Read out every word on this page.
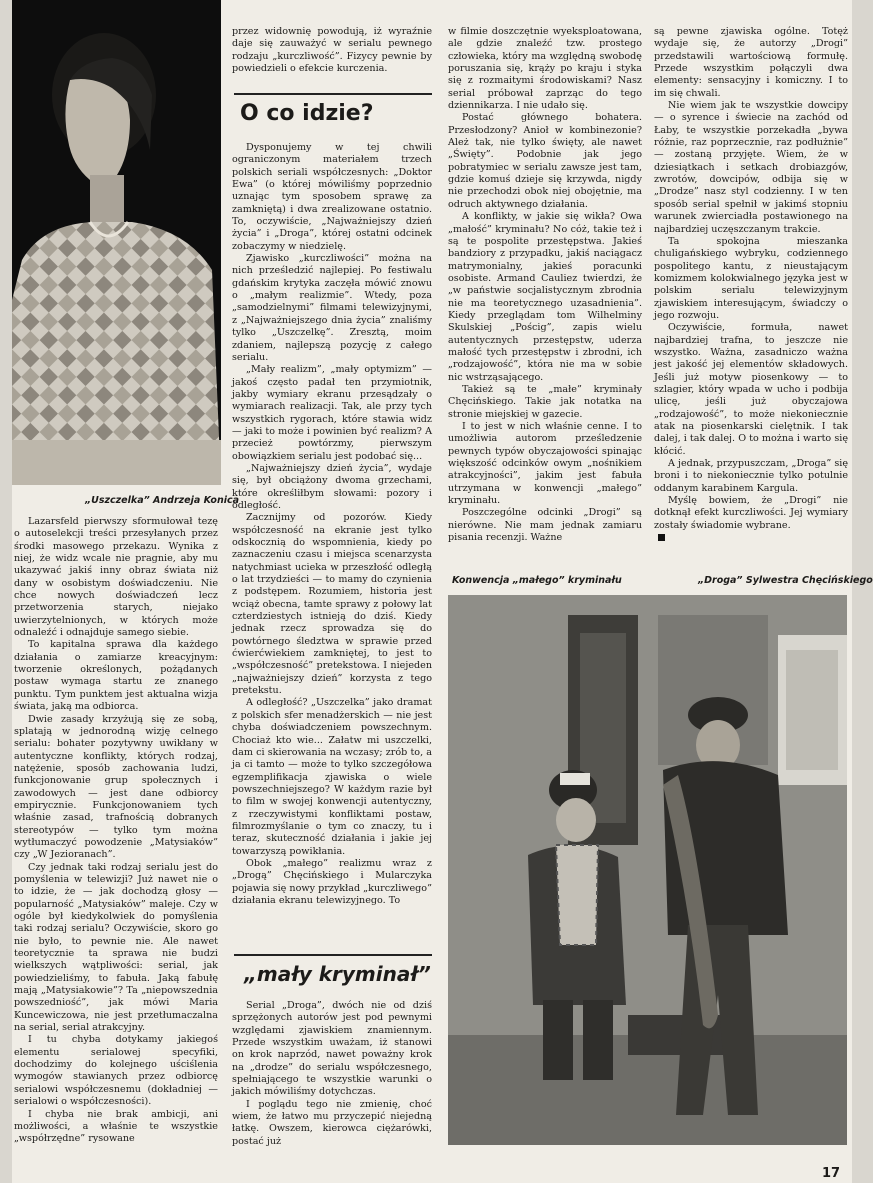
„Uszczelka” Andrzeja Konica

Lazarsfeld pierwszy sformułował tezę o autoselekcji treści przesyłanych przez środki masowego przekazu. Wynika z niej, że widz wcale nie pragnie, aby mu ukazywać jakiś inny obraz świata niż dany w osobistym doświadczeniu. Nie chce nowych doświadczeń lecz przetworzenia starych, niejako uwierzytelnionych, w których może odnaleźć i odnajduje samego siebie.

To kapitalna sprawa dla każdego działania o zamiarze kreacyjnym: tworzenie określonych, pożądanych postaw wymaga startu ze znanego punktu. Tym punktem jest aktualna wizja świata, jaką ma odbiorca.

Dwie zasady krzyżują się ze sobą, splatają w jednorodną wizję celnego serialu: bohater pozytywny uwikłany w autentyczne konflikty, których rodzaj, natężenie, sposób zachowania ludzi, funkcjonowanie grup społecznych i zawodowych — jest dane odbiorcy empirycznie. Funkcjonowaniem tych właśnie zasad, trafnością dobranych stereotypów — tylko tym można wytłumaczyć powodzenie „Matysiaków” czy „W Jezioranach”.

Czy jednak taki rodzaj serialu jest do pomyślenia w telewizji? Już nawet nie o to idzie, że — jak dochodzą głosy — popularność „Matysiaków” maleje. Czy w ogóle był kiedykolwiek do pomyślenia taki rodzaj serialu? Oczywiście, skoro go nie było, to pewnie nie. Ale nawet teoretycznie ta sprawa nie budzi wielkszych wątpliwości: serial, jak powiedzieliśmy, to fabuła. Jaką fabułę mają „Matysiakowie”? Ta „niepowszednia powszedniość”, jak mówi Maria Kuncewiczowa, nie jest przetłumaczalna na serial, serial atrakcyjny.

I tu chyba dotykamy jakiegoś elementu serialowej specyfiki, dochodzimy do kolejnego uściślenia wymogów stawianych przez odbiorcę serialowi współczesnemu (dokładniej — serialowi o współczesności).

I chyba nie brak ambicji, ani możliwości, a właśnie te wszystkie „współrzędne” rysowane

przez widownię powodują, iż wyraźnie daje się zauważyć w serialu pewnego rodzaju „kurczliwość”. Fizycy pewnie by powiedzieli o efekcie kurczenia.

O co idzie?

Dysponujemy w tej chwili ograniczonym materiałem trzech polskich seriali współczesnych: „Doktor Ewa” (o której mówiliśmy poprzednio uznając tym sposobem sprawę za zamkniętą) i dwa zrealizowane ostatnio. To, oczywiście, „Najważniejszy dzień życia” i „Droga”, której ostatni odcinek zobaczymy w niedzielę.

Zjawisko „kurczliwości” można na nich prześledzić najlepiej. Po festiwalu gdańskim krytyka zaczęła mówić znowu o „małym realizmie”. Wtedy, poza „samodzielnymi” filmami telewizyjnymi, z „Najważniejszego dnia życia” znaliśmy tylko „Uszczelkę”. Zresztą, moim zdaniem, najlepszą pozycję z całego serialu.

„Mały realizm”, „mały optymizm” — jakoś często padał ten przymiotnik, jakby wymiary ekranu przesądzały o wymiarach realizacji. Tak, ale przy tych wszystkich rygorach, które stawia widz — jaki to może i powinien być realizm? A przecież powtórzmy, pierwszym obowiązkiem serialu jest podobać się...

„Najważniejszy dzień życia”, wydaje się, był obciążony dwoma grzechami, które określiłbym słowami: pozory i odległość.

Zacznijmy od pozorów. Kiedy współczesność na ekranie jest tylko odskocznią do wspomnienia, kiedy po zaznaczeniu czasu i miejsca scenarzysta natychmiast ucieka w przeszłość odległą o lat trzydzieści — to mamy do czynienia z podstępem. Rozumiem, historia jest wciąż obecna, tamte sprawy z połowy lat czterdziestych istnieją do dziś. Kiedy jednak rzecz sprowadza się do powtórnego śledztwa w sprawie przed ćwierćwiekiem zamkniętej, to jest to „współczesność” pretekstowa. I niejeden „najważniejszy dzień” korzysta z tego pretekstu.

A odległość? „Uszczelka” jako dramat z polskich sfer menadżerskich — nie jest chyba doświadczeniem powszechnym. Chociaż kto wie... Załatw mi uszczelki, dam ci skierowania na wczasy; zrób to, a ja ci tamto — może to tylko szczegółowa egzemplifikacja zjawiska o wiele powszechniejszego? W każdym razie był to film w swojej konwencji autentyczny, z rzeczywistymi konfliktami postaw, filmrozmyślanie o tym co znaczy, tu i teraz, skuteczność działania i jakie jej towarzyszą powikłania.

Obok „małego” realizmu wraz z „Drogą” Chęcińskiego i Mularczyka pojawia się nowy przykład „kurczliwego” działania ekranu telewizyjnego. To

„mały kryminał”

Serial „Droga”, dwóch nie od dziś sprzężonych autorów jest pod pewnymi względami zjawiskiem znamiennym. Przede wszystkim uważam, iż stanowi on krok naprzód, nawet poważny krok na „drodze” do serialu współczesnego, spełniającego te wszystkie warunki o jakich mówiliśmy dotychczas.

I poglądu tego nie zmienię, choć wiem, że łatwo mu przyczepić niejedną łatkę. Owszem, kierowca ciężarówki, postać już

w filmie doszczętnie wyeksploatowana, ale gdzie znaleźć tzw. prostego człowieka, który ma względną swobodę poruszania się, krąży po kraju i styka się z rozmaitymi środowiskami? Nasz serial próbował zaprząc do tego dziennikarza. I nie udało się.

Postać głównego bohatera. Przesłodzony? Anioł w kombinezonie? Ależ tak, nie tylko święty, ale nawet „Święty”. Podobnie jak jego pobratymiec w serialu zawsze jest tam, gdzie komuś dzieje się krzywda, nigdy nie przechodzi obok niej obojętnie, ma odruch aktywnego działania.

A konflikty, w jakie się wikła? Owa „małość” kryminału? No cóż, takie też i są te pospolite przestępstwa. Jakieś bandziory z przypadku, jakiś naciągacz matrymonialny, jakieś poracunki osobiste. Armand Cauliez twierdzi, że „w państwie socjalistycznym zbrodnia nie ma teoretycznego uzasadnienia”. Kiedy przeglądam tom Wilhelminy Skulskiej „Pościg”, zapis wielu autentycznych przestępstw, uderza małość tych przestępstw i zbrodni, ich „rodzajowość”, która nie ma w sobie nic wstrząsającego.

Takież są te „małe” kryminały Chęcińskiego. Takie jak notatka na stronie miejskiej w gazecie.

I to jest w nich właśnie cenne. I to umożliwia autorom prześledzenie pewnych typów obyczajowości spinając większość odcinków owym „nośnikiem atrakcyjności”, jakim jest fabuła utrzymana w konwencji „małego” kryminału.

Poszczególne odcinki „Drogi” są nierówne. Nie mam jednak zamiaru pisania recenzji. Ważne

są pewne zjawiska ogólne. Totęż wydaje się, że autorzy „Drogi” przedstawili wartościową formułę. Przede wszystkim połączyli dwa elementy: sensacyjny i komiczny. I to im się chwali.

Nie wiem jak te wszystkie dowcipy — o syrence i świecie na zachód od Łaby, te wszystkie porzekadła „bywa różnie, raz poprzecznie, raz podłużnie” — zostaną przyjęte. Wiem, że w dziesiątkach i setkach drobiazgów, zwrotów, dowcipów, odbija się w „Drodze” nasz styl codzienny. I w ten sposób serial spełnił w jakimś stopniu warunek zwierciadła postawionego na najbardziej uczęszczanym trakcie.

Ta spokojna mieszanka chuligańskiego wybryku, codziennego pospolitego kantu, z nieustającym komizmem kolokwialnego języka jest w polskim serialu telewizyjnym zjawiskiem interesującym, świadczy o jego rozwoju.

Oczywiście, formuła, nawet najbardziej trafna, to jeszcze nie wszystko. Ważna, zasadniczo ważna jest jakość jej elementów składowych. Jeśli już motyw piosenkowy — to szlagier, który wpada w ucho i podbija ulicę, jeśli już obyczajowa „rodzajowość”, to może niekoniecznie atak na piosenkarski cielętnik. I tak dalej, i tak dalej. O to można i warto się kłócić.

A jednak, przypuszczam, „Droga” się broni i to niekoniecznie tylko potulnie oddanym karabinem Kargula.

Myślę bowiem, że „Drogi” nie dotknął efekt kurczliwości. Jej wymiary zostały świadomie wybrane.

Konwencja „małego” kryminału	„Droga” Sylwestra Chęcińskiego
17
